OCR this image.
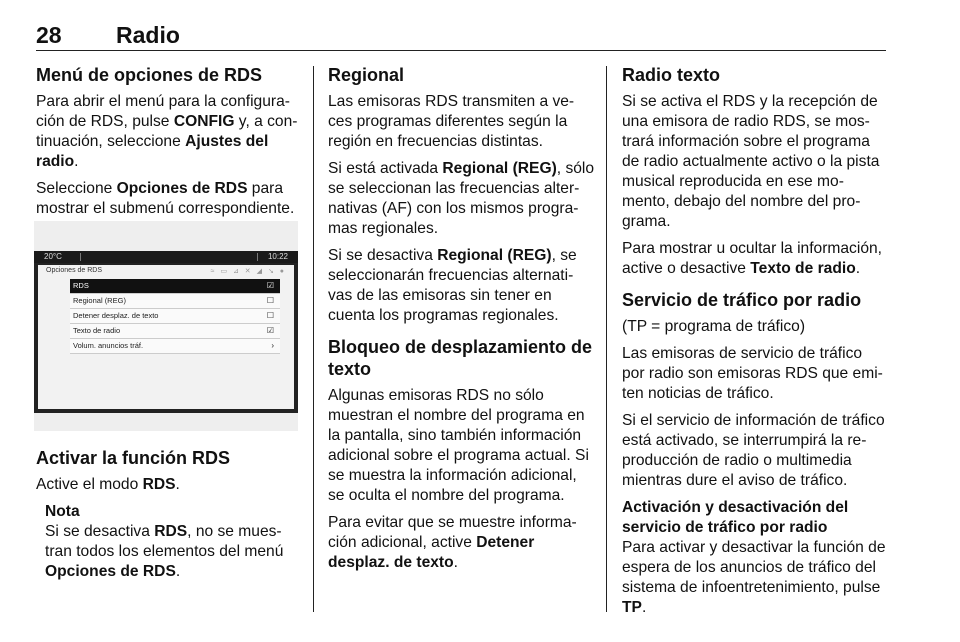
28 Radio
Menú de opciones de RDS

Para abrir el menú para la configura-
ción de RDS, pulse CONFIG y, a con-
tinuación, seleccione Ajustes del
radio.

Seleccione Opciones de RDS para
mostrar el submenú correspondiente.

20°C	10:22
Opciones de RDS	≈ ▭ ⊿ ✕ ◢ ↘ ●
RDS	☑
Regional (REG)	☐
Detener desplaz. de texto	☐
Texto de radio	☑
Volum. anuncios tráf.	›
Activar la función RDS

Active el modo RDS.

Nota

Si se desactiva RDS, no se mues-
tran todos los elementos del menú
Opciones de RDS.

Regional

Las emisoras RDS transmiten a ve-
ces programas diferentes según la
región en frecuencias distintas.

Si está activada Regional (REG), sólo
se seleccionan las frecuencias alter-
nativas (AF) con los mismos progra-
mas regionales.

Si se desactiva Regional (REG), se
seleccionarán frecuencias alternati-
vas de las emisoras sin tener en
cuenta los programas regionales.

Bloqueo de desplazamiento de
texto

Algunas emisoras RDS no sólo
muestran el nombre del programa en
la pantalla, sino también información
adicional sobre el programa actual. Si
se muestra la información adicional,
se oculta el nombre del programa.

Para evitar que se muestre informa-
ción adicional, active Detener
desplaz. de texto.

Radio texto

Si se activa el RDS y la recepción de
una emisora de radio RDS, se mos-
trará información sobre el programa
de radio actualmente activo o la pista
musical reproducida en ese mo-
mento, debajo del nombre del pro-
grama.

Para mostrar u ocultar la información,
active o desactive Texto de radio.

Servicio de tráfico por radio

(TP = programa de tráfico)

Las emisoras de servicio de tráfico
por radio son emisoras RDS que emi-
ten noticias de tráfico.

Si el servicio de información de tráfico
está activado, se interrumpirá la re-
producción de radio o multimedia
mientras dure el aviso de tráfico.

Activación y desactivación del
servicio de tráfico por radio

Para activar y desactivar la función de
espera de los anuncios de tráfico del
sistema de infoentretenimiento, pulse
TP.
